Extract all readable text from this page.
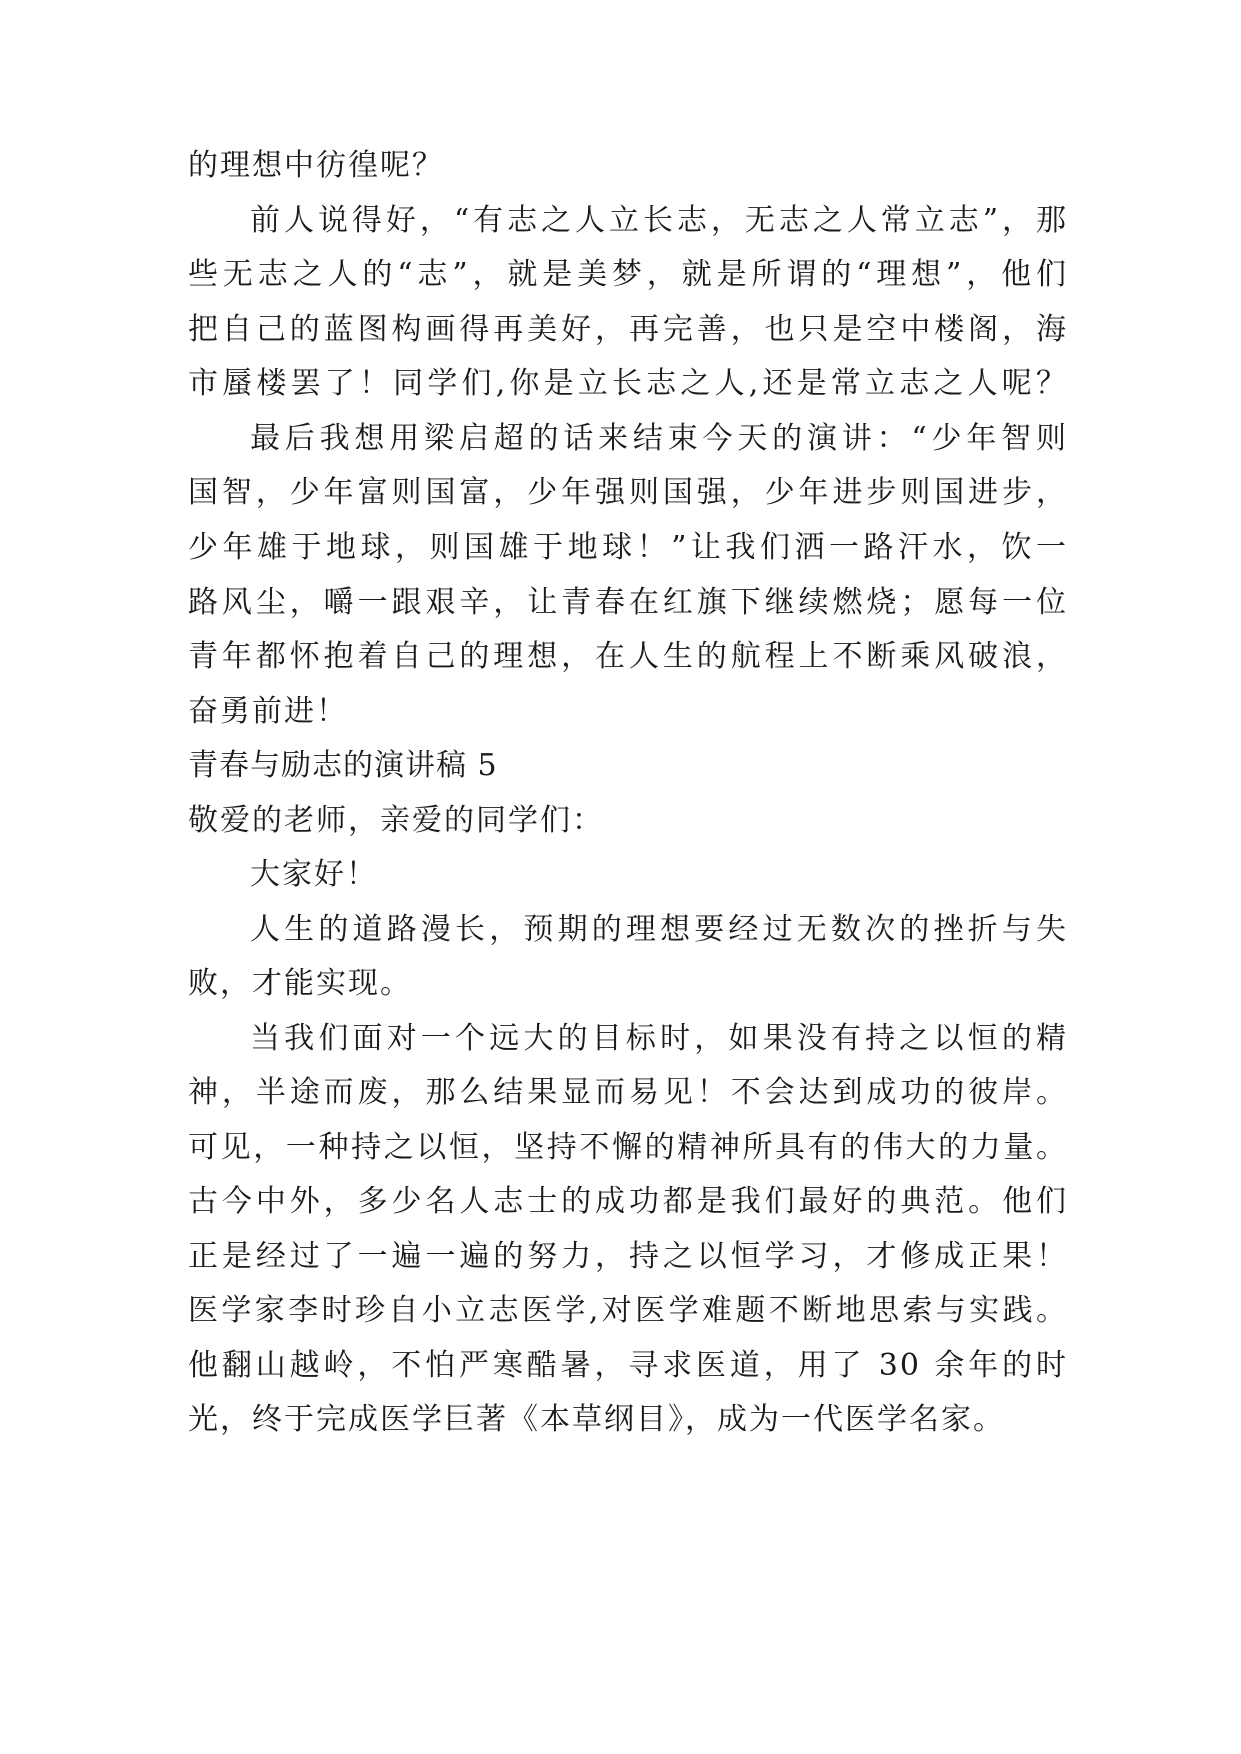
的理想中彷徨呢？

前人说得好，“有志之人立长志，无志之人常立志”，那

些无志之人的“志”，就是美梦，就是所谓的“理想”，他们

把自己的蓝图构画得再美好，再完善，也只是空中楼阁，海

市蜃楼罢了！同学们,你是立长志之人,还是常立志之人呢？

最后我想用梁启超的话来结束今天的演讲：“少年智则

国智，少年富则国富，少年强则国强，少年进步则国进步，

少年雄于地球，则国雄于地球！”让我们洒一路汗水，饮一

路风尘，嚼一跟艰辛，让青春在红旗下继续燃烧；愿每一位

青年都怀抱着自己的理想，在人生的航程上不断乘风破浪，

奋勇前进！

青春与励志的演讲稿 5

敬爱的老师，亲爱的同学们：

大家好！

人生的道路漫长，预期的理想要经过无数次的挫折与失

败，才能实现。

当我们面对一个远大的目标时，如果没有持之以恒的精

神，半途而废，那么结果显而易见！不会达到成功的彼岸。

可见，一种持之以恒，坚持不懈的精神所具有的伟大的力量。

古今中外，多少名人志士的成功都是我们最好的典范。他们

正是经过了一遍一遍的努力，持之以恒学习，才修成正果！

医学家李时珍自小立志医学,对医学难题不断地思索与实践。

他翻山越岭，不怕严寒酷暑，寻求医道，用了 30 余年的时

光，终于完成医学巨著《本草纲目》，成为一代医学名家。
